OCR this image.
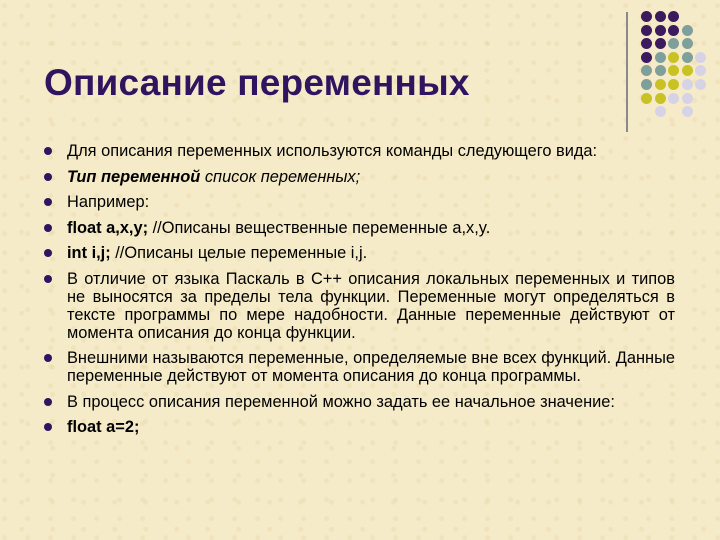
Описание переменных
Для описания переменных используются команды следующего вида:
Тип переменной список переменных;
Например:
float a,x,y; //Описаны вещественные переменные a,x,y.
int i,j; //Описаны целые переменные i,j.
В отличие от языка Паскаль в С++ описания локальных переменных и типов не выносятся за пределы тела функции. Переменные могут определяться в тексте программы по мере надобности. Данные переменные действуют от момента описания до конца функции.
Внешними называются переменные, определяемые вне всех функций. Данные переменные действуют от момента описания до конца программы.
В процесс описания переменной можно задать ее начальное значение:
float a=2;
